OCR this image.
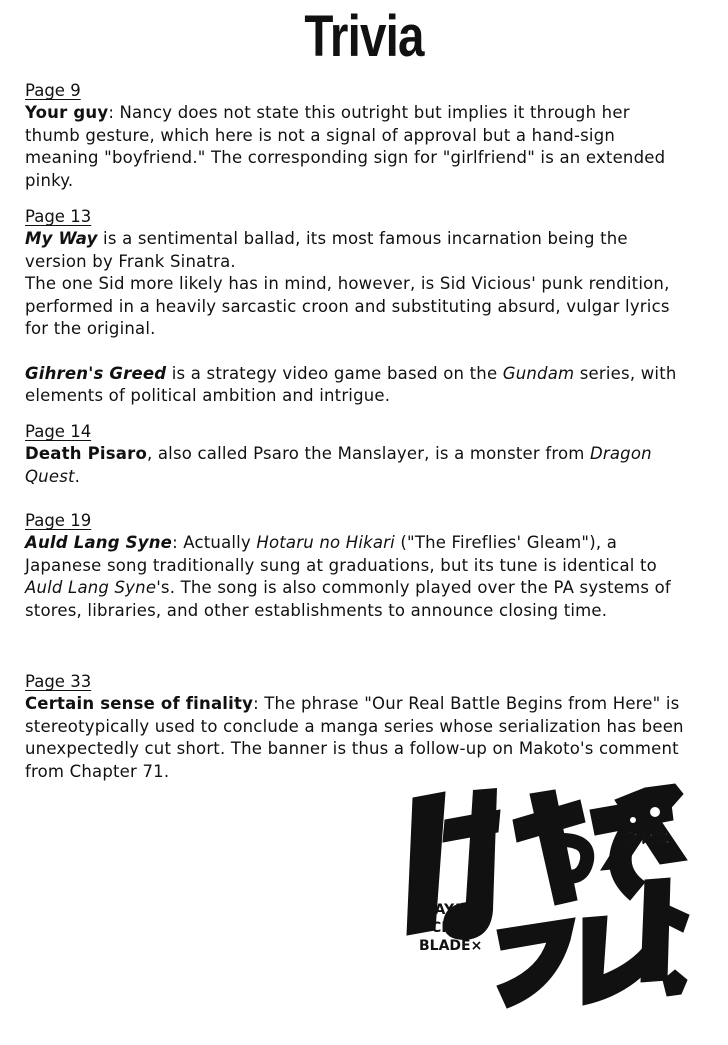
Trivia
Page 9

Your guy: Nancy does not state this outright but implies it through her thumb gesture, which here is not a signal of approval but a hand-sign meaning "boyfriend." The corresponding sign for "girlfriend" is an extended pinky.

Page 13

My Way is a sentimental ballad, its most famous incarnation being the version by Frank Sinatra.

The one Sid more likely has in mind, however, is Sid Vicious' punk rendition, performed in a heavily sarcastic croon and substituting absurd, vulgar lyrics for the original.

Gihren's Greed is a strategy video game based on the Gundam series, with elements of political ambition and intrigue.

Page 14

Death Pisaro, also called Psaro the Manslayer, is a monster from Dragon Quest.

Page 19

Auld Lang Syne: Actually Hotaru no Hikari ("The Fireflies' Gleam"), a Japanese song traditionally sung at graduations, but its tune is identical to Auld Lang Syne's. The song is also commonly played over the PA systems of stores, libraries, and other establishments to announce closing time.

Page 33

Certain sense of finality: The phrase "Our Real Battle Begins from Here" is stereotypically used to conclude a manga series whose serialization has been unexpectedly cut short. The banner is thus a follow-up on Makoto's comment from Chapter 71.

クロス
×HAYATE
CROSS
BLADE×
